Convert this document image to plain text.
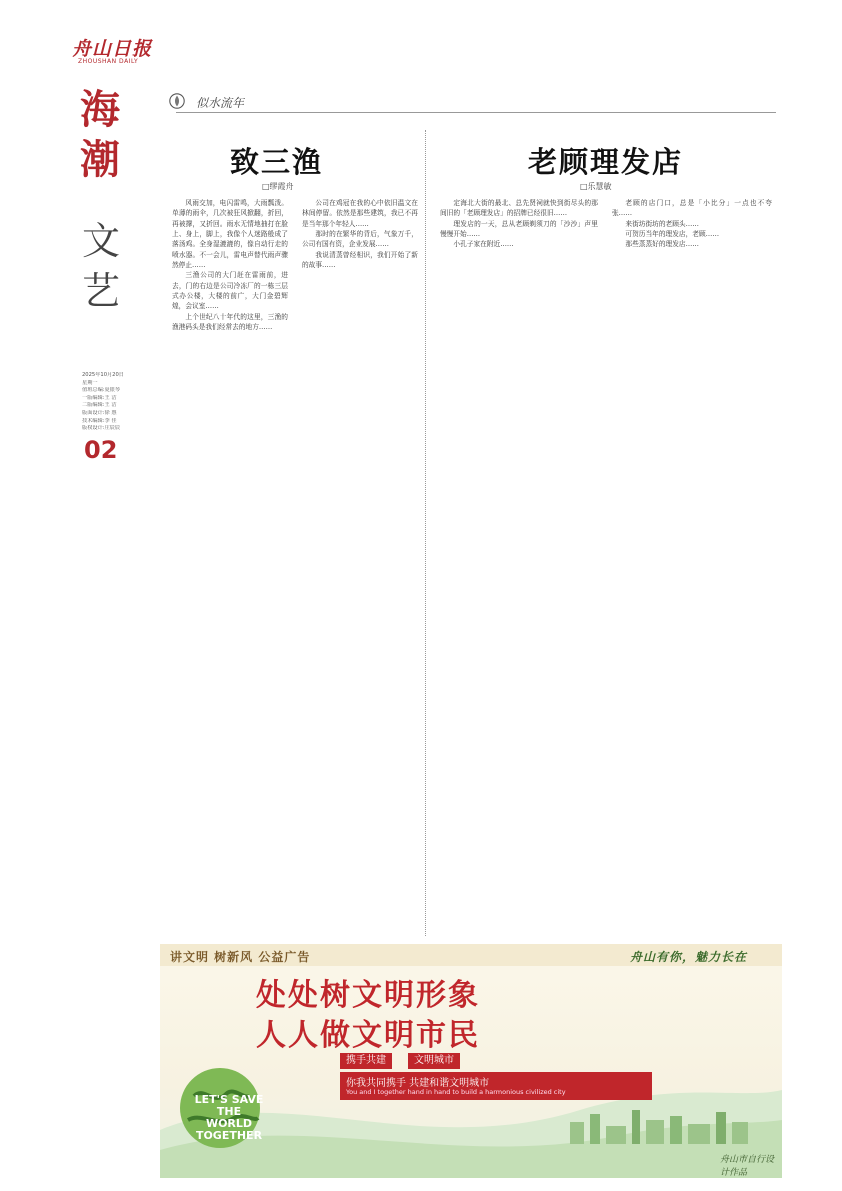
舟山日报
ZHOUSHAN DAILY
海
潮
文
艺
2025年10月20日
星期一
值班总编:夏银琴
一版编辑:王 洁
二版编辑:王 洁
版面设计:徐 惠
技术编辑:李 佳
版权设计:庄辰辰
02
似水流年
致三渔
□缪霞舟

风雨交加，电闪雷鸣，大雨瓢泼。单薄的雨伞，几次被狂风掀翻，折回，再被撑，又折回。雨水无情地抽打在脸上、身上，脚上，我像个人迷路般成了落汤鸡。全身湿漉漉的，像自动行走的喷水器。不一会儿，雷电声替代雨声骤然停止……

三渔公司的大门赶在雷雨前，进去，门的右边是公司冷冻厂的一栋三层式办公楼，大楼的前广，大门金碧辉煌，会议室……

上个世纪八十年代的这里，三渔的渔港码头是我们经常去的地方……

公司在鸡冠在我的心中依旧温文在林间停留。依然是那些建筑，我已不再是当年那个年轻人……

那时的在繁华的背后，气象万千，公司有国有资，企业发展……

我说清蒸曾经相识，我们开始了新的故事……

老顾理发店
□乐慧敏

定海北大街的最北、总先贤祠就快到街尽头的那间旧的「老顾理发店」的招牌已经很旧……

理发店的一天，总从老顾剃须刀的「沙沙」声里慢慢开始……

小孔子家在附近……

老顾的店门口，总是「小比分」一点也不夸张……

来街坊街坊的老顾头……

可贺历当年的理发店，老顾……

那些蒸蒸好的理发店……

讲文明 树新风 公益广告	舟山有你，魅力长在
LET'S SAVE THE WORLD TOGETHER
处处树文明形象
人人做文明市民
携手共建	文明城市
你我共同携手 共建和谐文明城市
You and I together hand in hand to build a harmonious civilized city
舟山市自行设计作品
